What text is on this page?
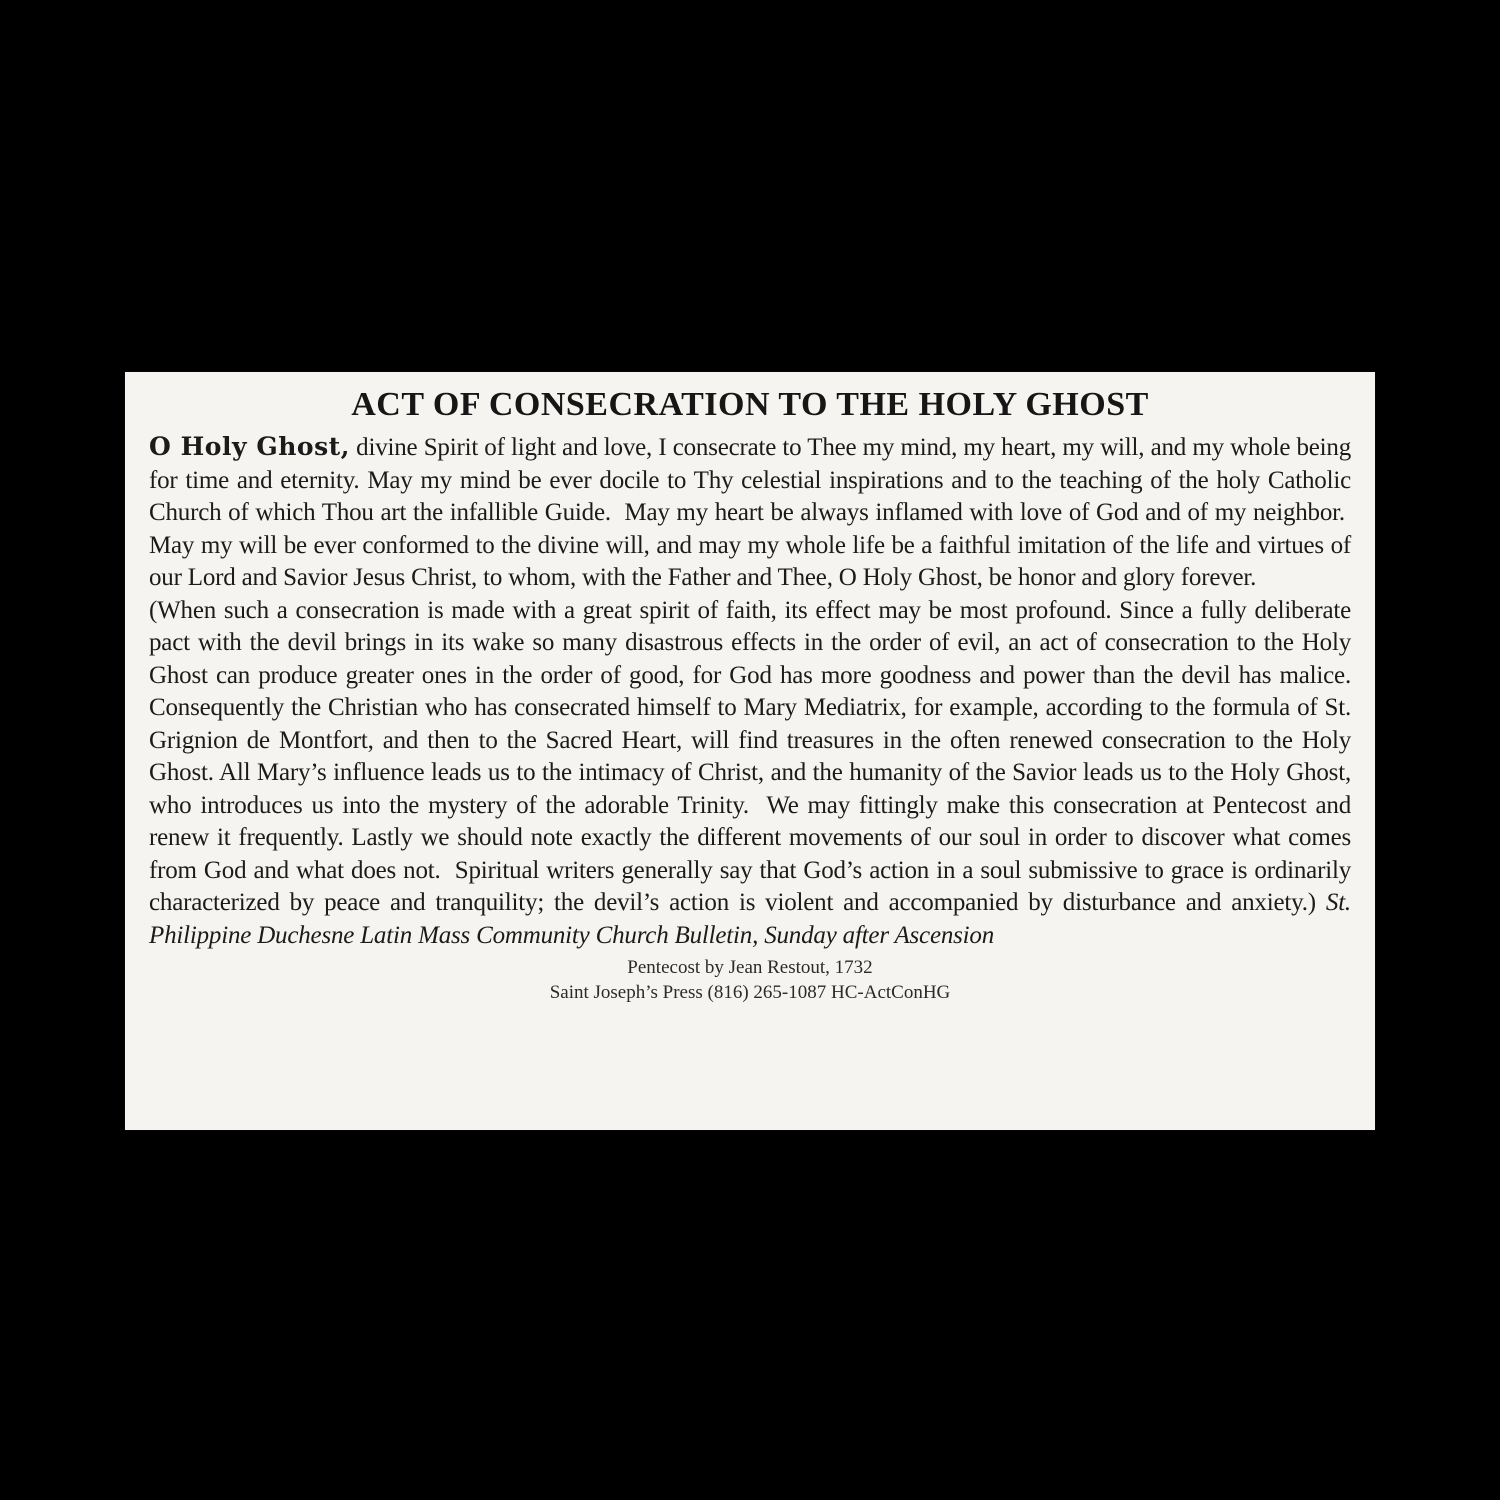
ACT OF CONSECRATION TO THE HOLY GHOST

O Holy Ghost, divine Spirit of light and love, I consecrate to Thee my mind, my heart, my will, and my whole being for time and eternity. May my mind be ever docile to Thy celestial inspirations and to the teaching of the holy Catholic Church of which Thou art the infallible Guide.  May my heart be always inflamed with love of God and of my neighbor.  May my will be ever conformed to the divine will, and may my whole life be a faithful imitation of the life and virtues of our Lord and Savior Jesus Christ, to whom, with the Father and Thee, O Holy Ghost, be honor and glory forever.

(When such a consecration is made with a great spirit of faith, its effect may be most profound. Since a fully deliberate pact with the devil brings in its wake so many disastrous effects in the order of evil, an act of consecration to the Holy Ghost can produce greater ones in the order of good, for God has more goodness and power than the devil has malice. Consequently the Christian who has consecrated himself to Mary Mediatrix, for example, according to the formula of St. Grignion de Montfort, and then to the Sacred Heart, will find treasures in the often renewed consecration to the Holy Ghost. All Mary’s influence leads us to the intimacy of Christ, and the humanity of the Savior leads us to the Holy Ghost, who introduces us into the mystery of the adorable Trinity.  We may fittingly make this consecration at Pentecost and renew it frequently. Lastly we should note exactly the different movements of our soul in order to discover what comes from God and what does not.  Spiritual writers generally say that God’s action in a soul submissive to grace is ordinarily characterized by peace and tranquility; the devil’s action is violent and accompanied by disturbance and anxiety.) St. Philippine Duchesne Latin Mass Community Church Bulletin, Sunday after Ascension

Pentecost by Jean Restout, 1732
Saint Joseph’s Press (816) 265-1087 HC-ActConHG
